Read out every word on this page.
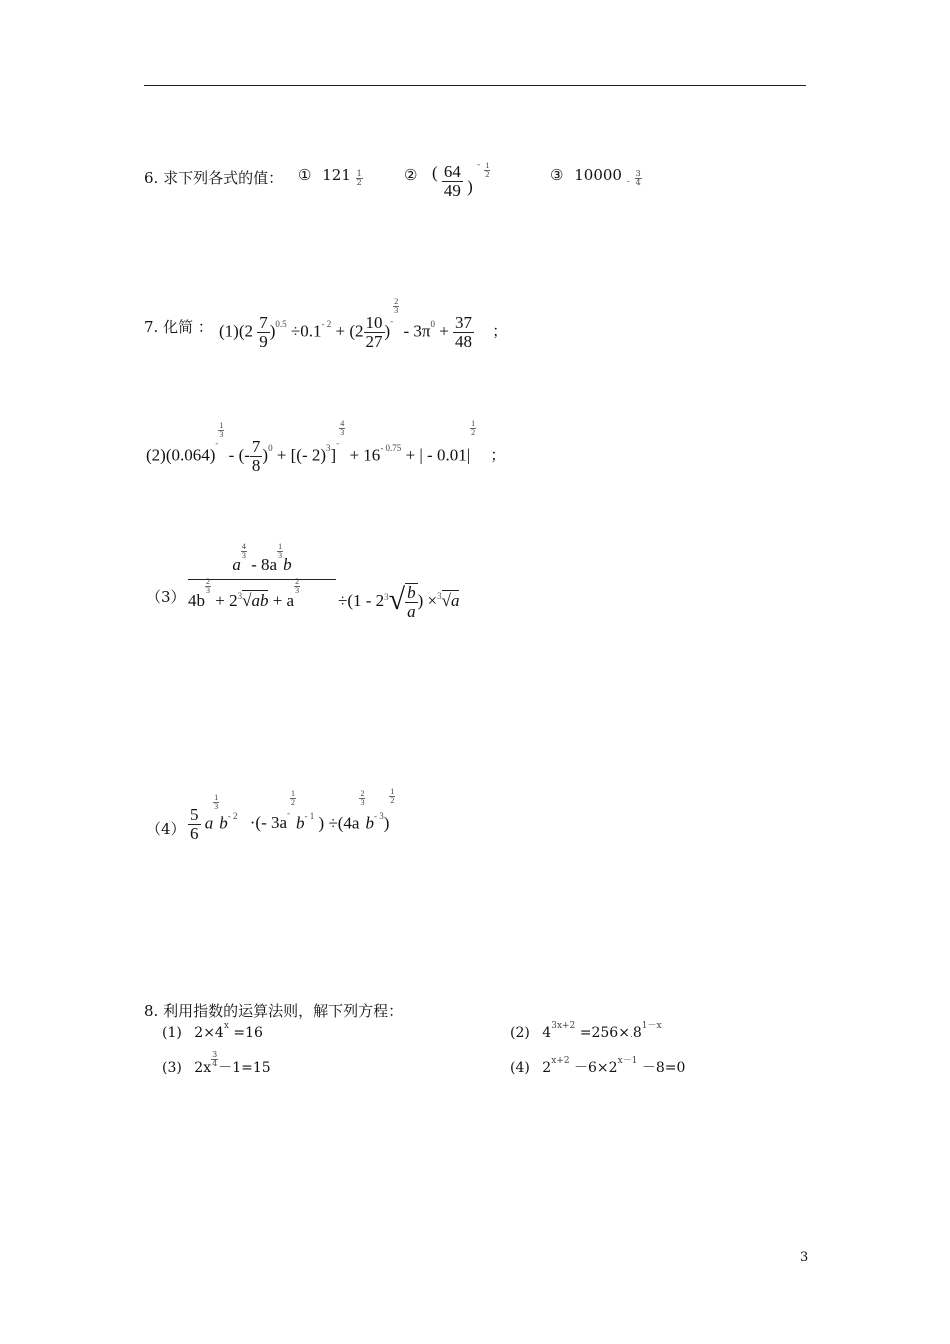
6. 求下列各式的值： ① $121 \frac{1}{2}$	② ( $\frac{64}{49}$ ) $^- \frac{1}{2}$	③ 10000 $_- \frac{3}{4}$
7. 化简 ： $(1)(2 \frac{7}{9} )^{0.5} \div 0.1^{- 2} + (2 \frac{10}{27} )^-$
$\frac{2}{3}$
- $3\pi^0 + \frac{37}{48}$ ；
(2)(0.064)-
$\frac{1}{3}$
- (- $\frac{7}{8} )^0$ + [(- 2)$^3$]-
$\frac{4}{3}$
+ $16^{- 0.75}$ + | - 0.01|
$\frac{1}{2}$
；
（3）
a
$\frac{4}{3}$
- 8a
$\frac{1}{3}$
b
4b
$\frac{2}{3}$
+ $2^3√ab + a$
$\frac{2}{3}$
$\div(1 - 2^3√ \frac{b}{a}$ ) ×$^3$√a
$(4) \frac{5}{6}$ a
$\frac{1}{3}$
$b^{- 2}$ ·(- 3a-
$\frac{1}{2}$
$b^{- 1}$ ) ÷(4a
$\frac{2}{3}$
$b^{- 3}$)
$\frac{1}{2}$
8. 利用指数的运算法则，解下列方程：
(1) $2\times 4^x =16$	(2) $4^{3x+2} =256\times.8^{1-x}$
(3) $2x \frac{3}{4} -1=15$	(4) $2^{x+2} -6\times 2^{x-1} -8=0$
3
